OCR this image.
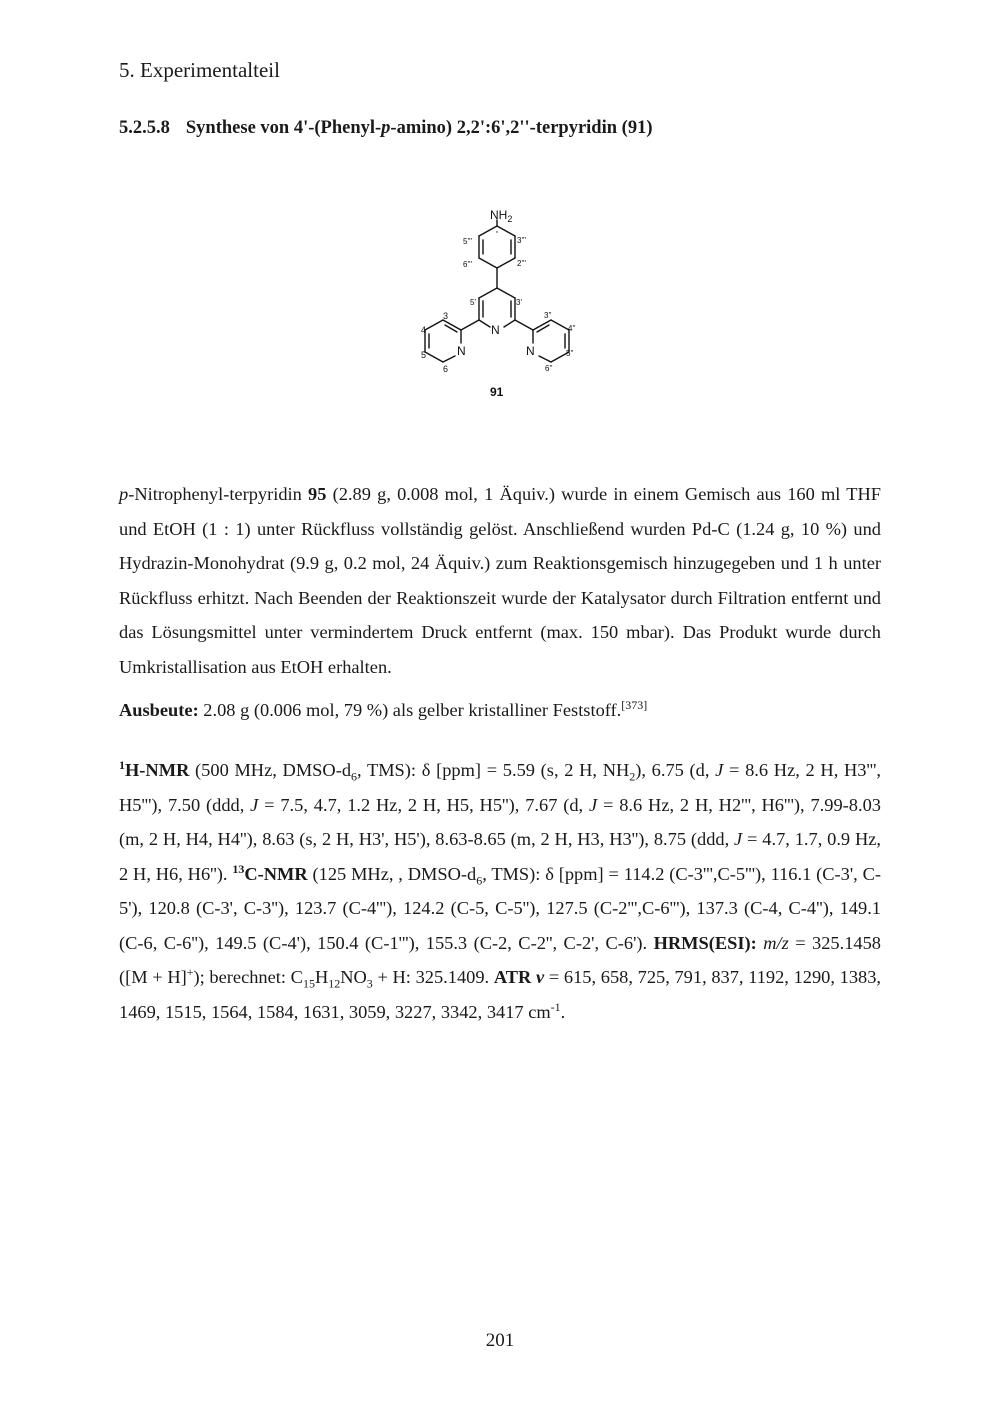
5. Experimentalteil
5.2.5.8 Synthese von 4'-(Phenyl-p-amino) 2,2':6',2''-terpyridin (91)
$NH_2$
N
N	N
3
4
5
6
3'
5'
3''
4''
5''
6''
2'''
3'''
5'''
6'''
91
p-Nitrophenyl-terpyridin 95 (2.89 g, 0.008 mol, 1 Äquiv.) wurde in einem Gemisch aus 160 ml THF und EtOH (1 : 1) unter Rückfluss vollständig gelöst. Anschließend wurden Pd-C (1.24 g, 10 %) und Hydrazin-Monohydrat (9.9 g, 0.2 mol, 24 Äquiv.) zum Reaktionsgemisch hinzugegeben und 1 h unter Rückfluss erhitzt. Nach Beenden der Reaktionszeit wurde der Katalysator durch Filtration entfernt und das Lösungsmittel unter vermindertem Druck entfernt (max. 150 mbar). Das Produkt wurde durch Umkristallisation aus EtOH erhalten.
Ausbeute: 2.08 g (0.006 mol, 79 %) als gelber kristalliner Feststoff.[373]
$^1$H-NMR (500 MHz, DMSO-$d_6$, TMS): δ [ppm] = 5.59 (s, 2 H, $NH_2$), 6.75 (d, J = 8.6 Hz, 2 H, H3''', H5'''), 7.50 (ddd, J = 7.5, 4.7, 1.2 Hz, 2 H, H5, H5''), 7.67 (d, J = 8.6 Hz, 2 H, H2''', H6'''), 7.99-8.03 (m, 2 H, H4, H4''), 8.63 (s, 2 H, H3', H5'), 8.63-8.65 (m, 2 H, H3, H3''), 8.75 (ddd, J = 4.7, 1.7, 0.9 Hz, 2 H, H6, H6''). $^{13}$C-NMR (125 MHz, , DMSO-$d_6$, TMS): δ [ppm] = 114.2 (C-3''',C-5'''), 116.1 (C-3', C-5'), 120.8 (C-3', C-3''), 123.7 (C-4'''), 124.2 (C-5, C-5''), 127.5 (C-2''',C-6'''), 137.3 (C-4, C-4''), 149.1 (C-6, C-6''), 149.5 (C-4'), 150.4 (C-1'''), 155.3 (C-2, C-2'', C-2', C-6'). HRMS(ESI): m/z = 325.1458 ([M + H]+); berechnet: $C_{15}H_{12}NO_3 + H$: 325.1409. ATR ν = 615, 658, 725, 791, 837, 1192, 1290, 1383, 1469, 1515, 1564, 1584, 1631, 3059, 3227, 3342, 3417 $cm^{-1}$.
201
